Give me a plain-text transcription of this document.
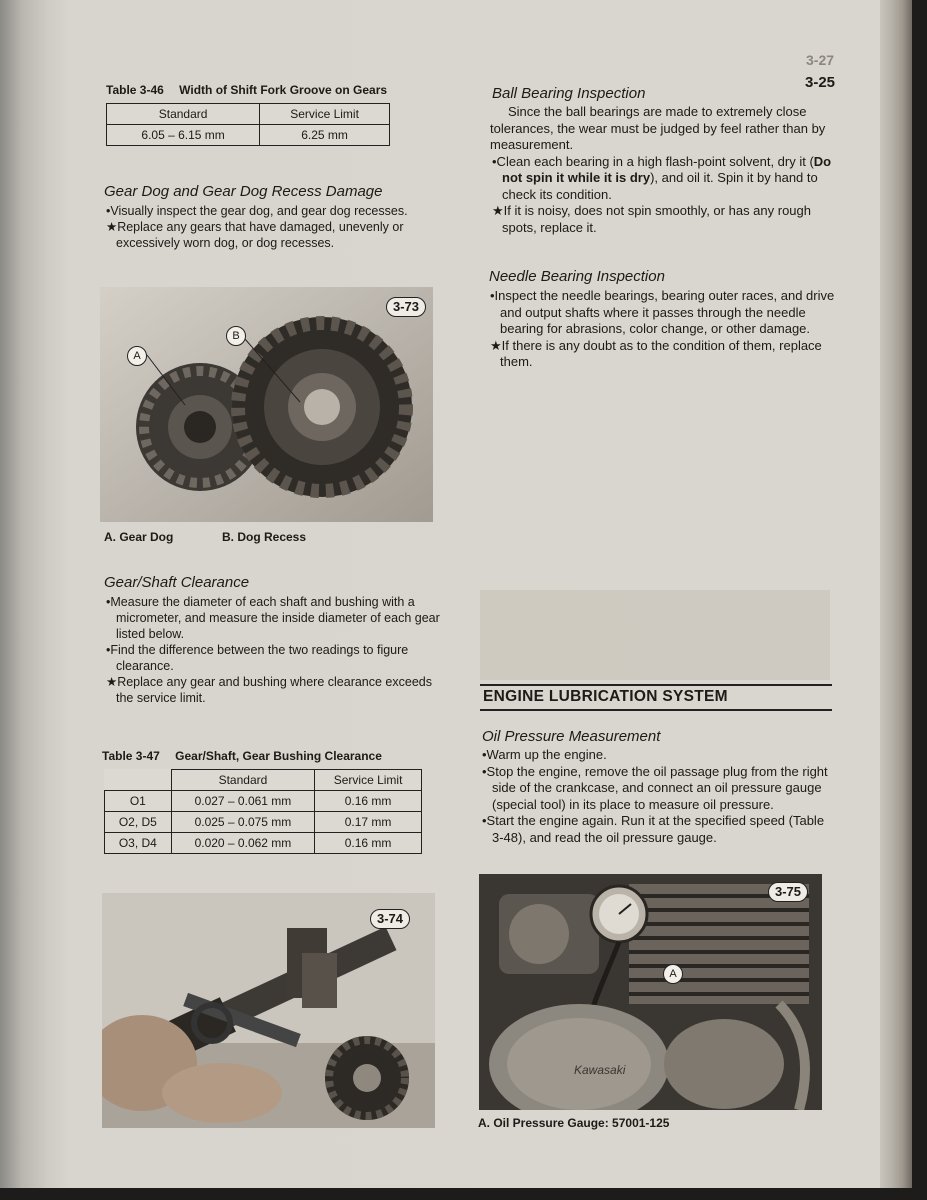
3-27
3-25
Table 3-46 Width of Shift Fork Groove on Gears
Standard	Service Limit
6.05 – 6.15 mm	6.25 mm
Gear Dog and Gear Dog Recess Damage

•Visually inspect the gear dog, and gear dog recesses.

★Replace any gears that have damaged, unevenly or excessively worn dog, or dog recesses.

3-73
A
B
A. Gear Dog	B. Dog Recess
Gear/Shaft Clearance

•Measure the diameter of each shaft and bushing with a micrometer, and measure the inside diameter of each gear listed below.

•Find the difference between the two readings to figure clearance.

★Replace any gear and bushing where clearance exceeds the service limit.

Table 3-47 Gear/Shaft, Gear Bushing Clearance
	Standard	Service Limit
O1	0.027 – 0.061 mm	0.16 mm
O2, D5	0.025 – 0.075 mm	0.17 mm
O3, D4	0.020 – 0.062 mm	0.16 mm
3-74
Ball Bearing Inspection

Since the ball bearings are made to extremely close tolerances, the wear must be judged by feel rather than by measurement.

•Clean each bearing in a high flash-point solvent, dry it (Do not spin it while it is dry), and oil it. Spin it by hand to check its condition.

★If it is noisy, does not spin smoothly, or has any rough spots, replace it.

Needle Bearing Inspection

•Inspect the needle bearings, bearing outer races, and drive and output shafts where it passes through the needle bearing for abrasions, color change, or other damage.

★If there is any doubt as to the condition of them, replace them.

ENGINE LUBRICATION SYSTEM
Oil Pressure Measurement

•Warm up the engine.

•Stop the engine, remove the oil passage plug from the right side of the crankcase, and connect an oil pressure gauge (special tool) in its place to measure oil pressure.

•Start the engine again. Run it at the specified speed (Table 3-48), and read the oil pressure gauge.

Kawasaki
3-75
A
A. Oil Pressure Gauge: 57001-125
